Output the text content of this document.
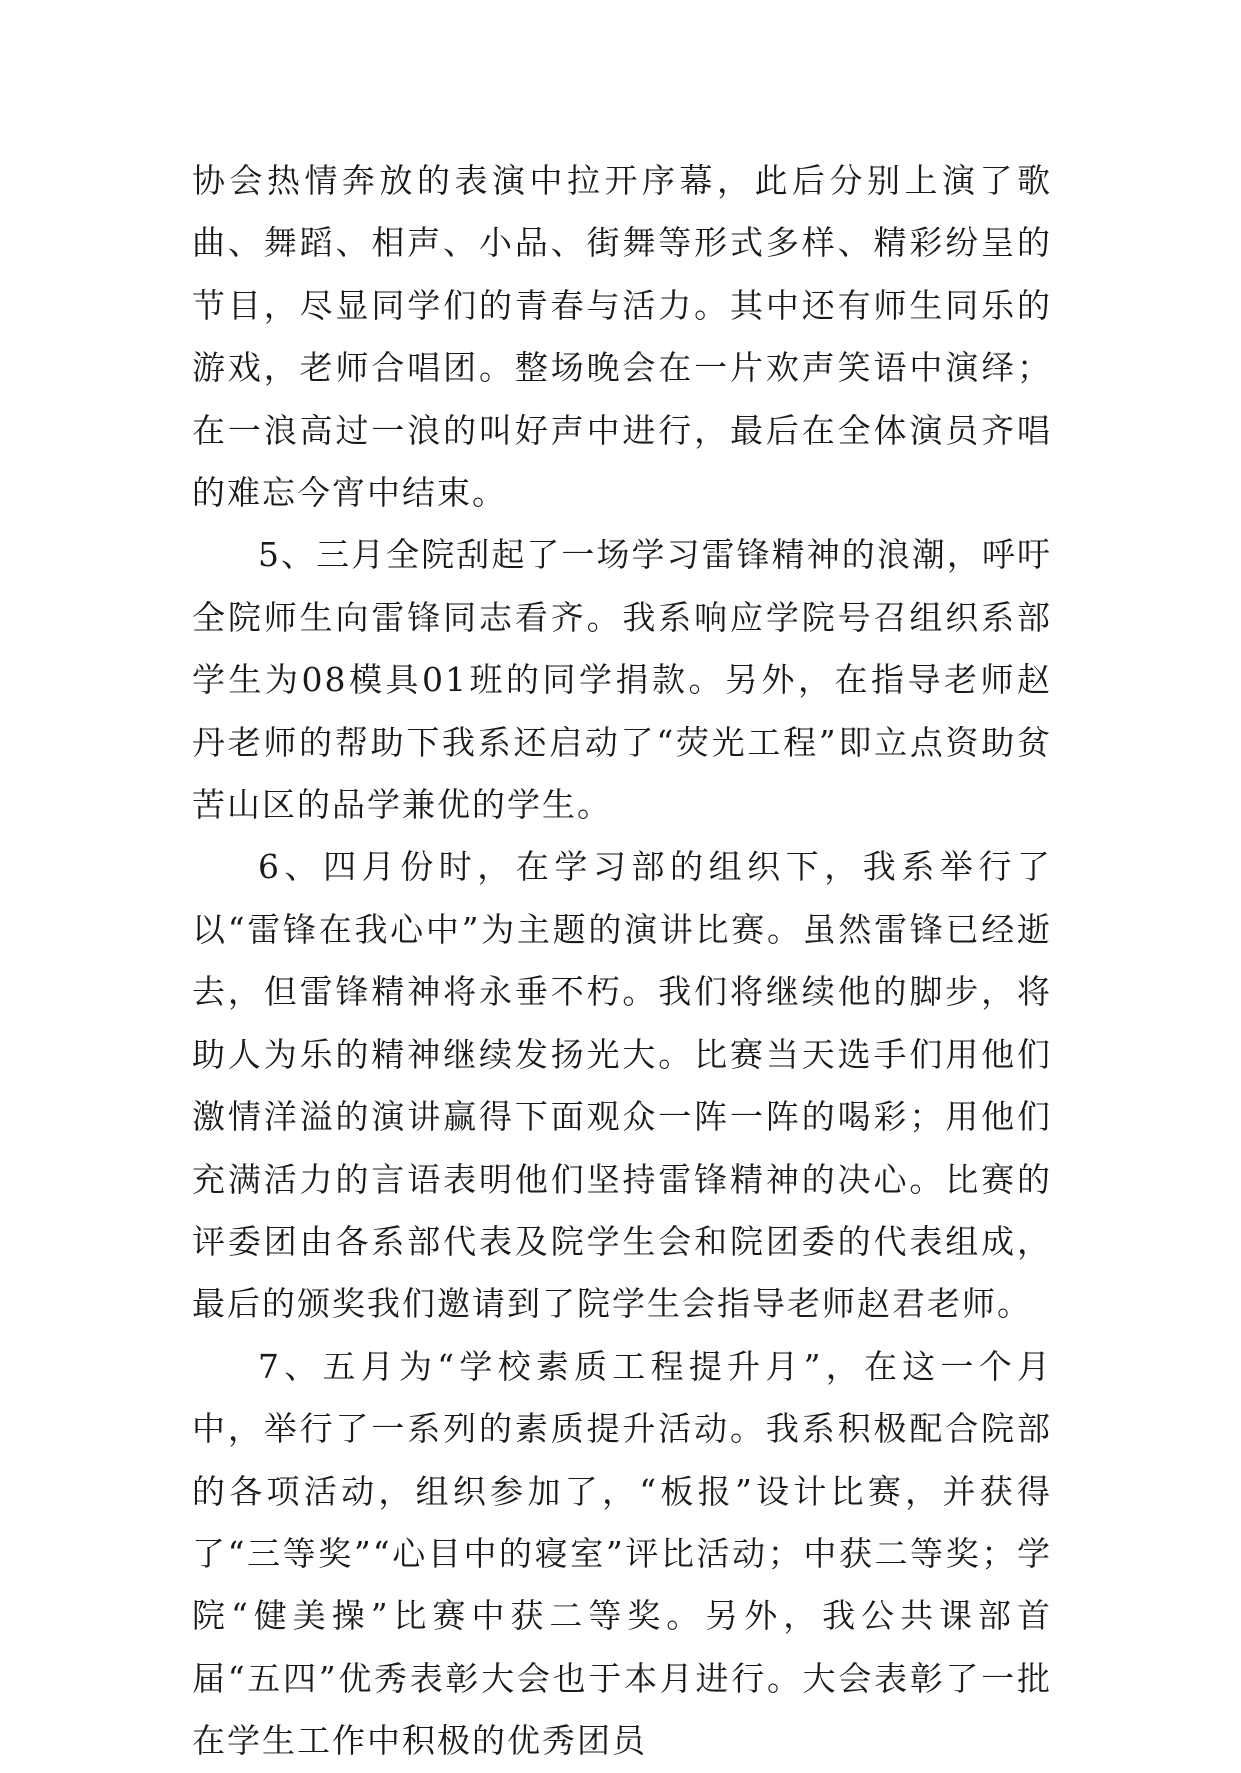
协会热情奔放的表演中拉开序幕，此后分别上演了歌曲、舞蹈、相声、小品、街舞等形式多样、精彩纷呈的节目，尽显同学们的青春与活力。其中还有师生同乐的游戏，老师合唱团。整场晚会在一片欢声笑语中演绎；在一浪高过一浪的叫好声中进行，最后在全体演员齐唱的难忘今宵中结束。

5、三月全院刮起了一场学习雷锋精神的浪潮，呼吁全院师生向雷锋同志看齐。我系响应学院号召组织系部学生为08模具01班的同学捐款。另外，在指导老师赵丹老师的帮助下我系还启动了“荧光工程”即立点资助贫苦山区的品学兼优的学生。

6、四月份时，在学习部的组织下，我系举行了以“雷锋在我心中”为主题的演讲比赛。虽然雷锋已经逝去，但雷锋精神将永垂不朽。我们将继续他的脚步，将助人为乐的精神继续发扬光大。比赛当天选手们用他们激情洋溢的演讲赢得下面观众一阵一阵的喝彩；用他们充满活力的言语表明他们坚持雷锋精神的决心。比赛的评委团由各系部代表及院学生会和院团委的代表组成，最后的颁奖我们邀请到了院学生会指导老师赵君老师。

7、五月为“学校素质工程提升月”，在这一个月中，举行了一系列的素质提升活动。我系积极配合院部的各项活动，组织参加了，“板报”设计比赛，并获得了“三等奖”“心目中的寝室”评比活动；中获二等奖；学院“健美操”比赛中获二等奖。另外，我公共课部首届“五四”优秀表彰大会也于本月进行。大会表彰了一批在学生工作中积极的优秀团员
